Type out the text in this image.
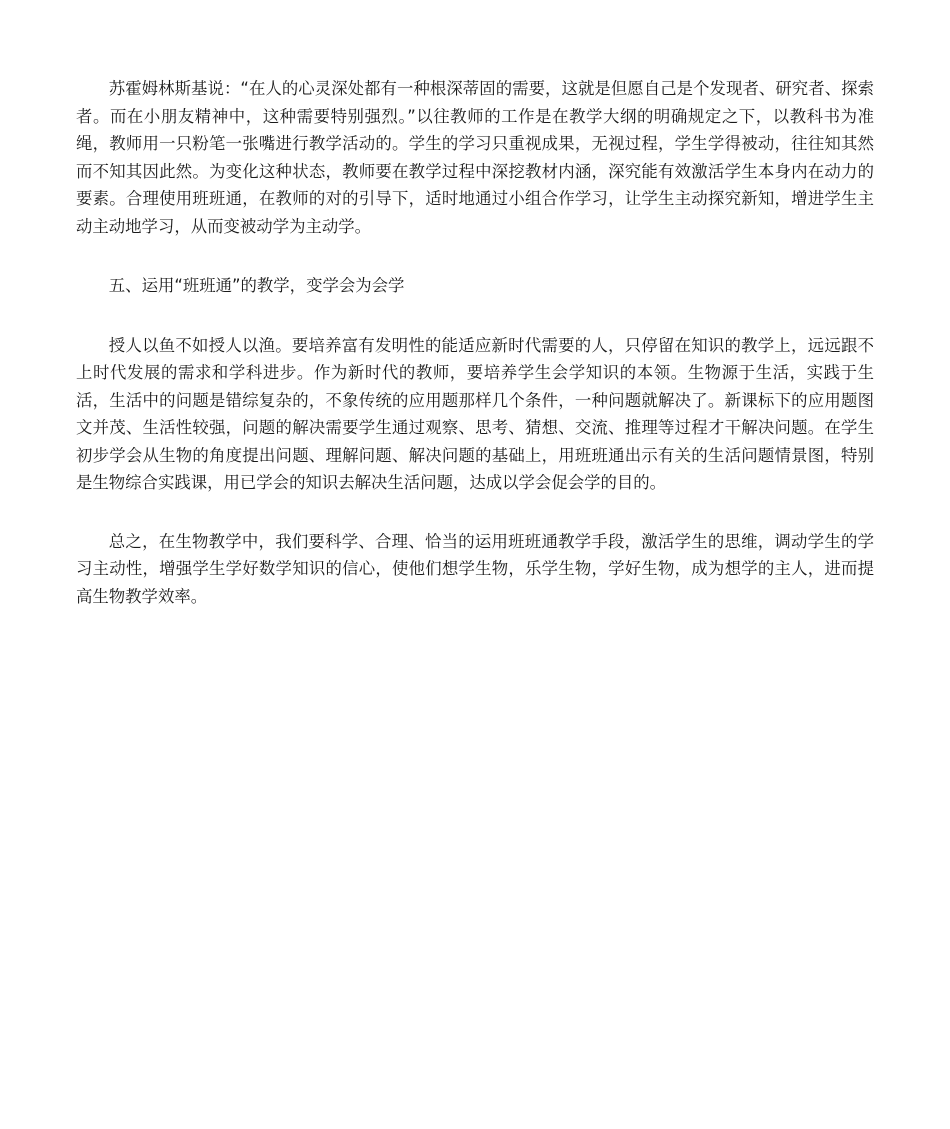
苏霍姆林斯基说：“在人的心灵深处都有一种根深蒂固的需要，这就是但愿自己是个发现者、研究者、探索者。而在小朋友精神中，这种需要特别强烈。”以往教师的工作是在教学大纲的明确规定之下，以教科书为准绳，教师用一只粉笔一张嘴进行教学活动的。学生的学习只重视成果，无视过程，学生学得被动，往往知其然而不知其因此然。为变化这种状态，教师要在教学过程中深挖教材内涵，深究能有效激活学生本身内在动力的要素。合理使用班班通，在教师的对的引导下，适时地通过小组合作学习，让学生主动探究新知，增进学生主动主动地学习，从而变被动学为主动学。

五、运用“班班通”的教学，变学会为会学

授人以鱼不如授人以渔。要培养富有发明性的能适应新时代需要的人，只停留在知识的教学上，远远跟不上时代发展的需求和学科进步。作为新时代的教师，要培养学生会学知识的本领。生物源于生活，实践于生活，生活中的问题是错综复杂的，不象传统的应用题那样几个条件，一种问题就解决了。新课标下的应用题图文并茂、生活性较强，问题的解决需要学生通过观察、思考、猜想、交流、推理等过程才干解决问题。在学生初步学会从生物的角度提出问题、理解问题、解决问题的基础上，用班班通出示有关的生活问题情景图，特别是生物综合实践课，用已学会的知识去解决生活问题，达成以学会促会学的目的。

总之，在生物教学中，我们要科学、合理、恰当的运用班班通教学手段，激活学生的思维，调动学生的学习主动性，增强学生学好数学知识的信心，使他们想学生物，乐学生物，学好生物，成为想学的主人，进而提高生物教学效率。
